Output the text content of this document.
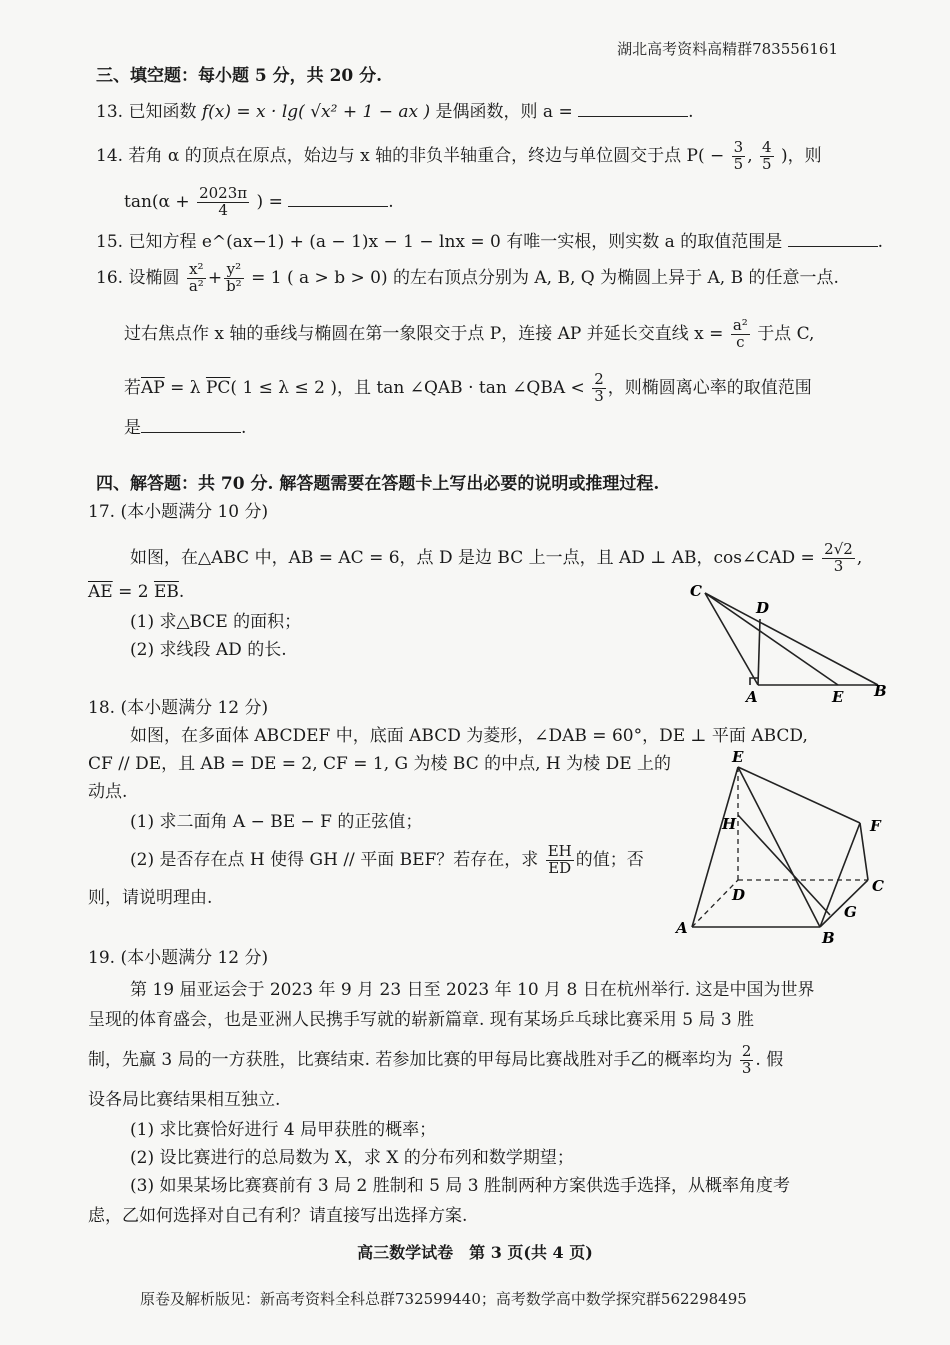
湖北高考资料高精群783556161
三、填空题：每小题 5 分，共 20 分.
13. 已知函数 f(x) = x · lg( √x² + 1 − ax ) 是偶函数，则 a =	.
14. 若角 α 的顶点在原点，始边与 x 轴的非负半轴重合，终边与单位圆交于点 $P( - \frac{3}{5}$ , $\frac{4}{5}$ )，则
$\tan(\alpha + \frac{2023\pi}{4}$ ) =	.
15. 已知方程 e^(ax−1) + (a − 1)x − 1 − lnx = 0 有唯一实根，则实数 a 的取值范围是	.
16. 设椭圆 $\frac{\text{x²}}{\text{a²}} + \frac{\text{y²}}{\text{b²}} = 1$ ( a > b > 0) 的左右顶点分别为 A, B, Q 为椭圆上异于 A, B 的任意一点.
过右焦点作 x 轴的垂线与椭圆在第一象限交于点 P，连接 AP 并延长交直线 $x = \frac{\text{a²}}{c}$ 于点 C,
若$\overline{AP} = \lambda$ $\overline{PC}$( 1 ≤ λ ≤ 2 )，且 tan ∠QAB · tan ∠QBA < $\frac{2}{3}$ ，则椭圆离心率的取值范围
是	.
四、解答题：共 70 分. 解答题需要在答题卡上写出必要的说明或推理过程.
17. (本小题满分 10 分)
如图，在△ABC 中，AB = AC = 6，点 D 是边 BC 上一点，且 AD ⊥ AB，cos∠CAD = $\frac{2√2}{3}$ ,
$\overline{AE} = 2$ $\overline{EB}$.
(1) 求△BCE 的面积；
(2) 求线段 AD 的长.
C
D
A	E B
18. (本小题满分 12 分)
如图，在多面体 ABCDEF 中，底面 ABCD 为菱形，∠DAB = 60°，DE ⊥ 平面 ABCD,
CF // DE，且 AB = DE = 2, CF = 1, G 为棱 BC 的中点, H 为棱 DE 上的
动点.
(1) 求二面角 A − BE − F 的正弦值；
(2) 是否存在点 H 使得 GH // 平面 BEF？若存在，求 $\frac{EH}{ED}$ 的值；否
则，请说明理由.
E
H	F
D	C
A
G
B
19. (本小题满分 12 分)
第 19 届亚运会于 2023 年 9 月 23 日至 2023 年 10 月 8 日在杭州举行. 这是中国为世界
呈现的体育盛会，也是亚洲人民携手写就的崭新篇章. 现有某场乒乓球比赛采用 5 局 3 胜
制，先赢 3 局的一方获胜，比赛结束. 若参加比赛的甲每局比赛战胜对手乙的概率均为 $\frac{2}{3}$ . 假
设各局比赛结果相互独立.
(1) 求比赛恰好进行 4 局甲获胜的概率；
(2) 设比赛进行的总局数为 X，求 X 的分布列和数学期望；
(3) 如果某场比赛赛前有 3 局 2 胜制和 5 局 3 胜制两种方案供选手选择，从概率角度考
虑，乙如何选择对自己有利？请直接写出选择方案.
高三数学试卷　第 3 页(共 4 页)
原卷及解析版见：新高考资料全科总群732599440；高考数学高中数学探究群562298495
